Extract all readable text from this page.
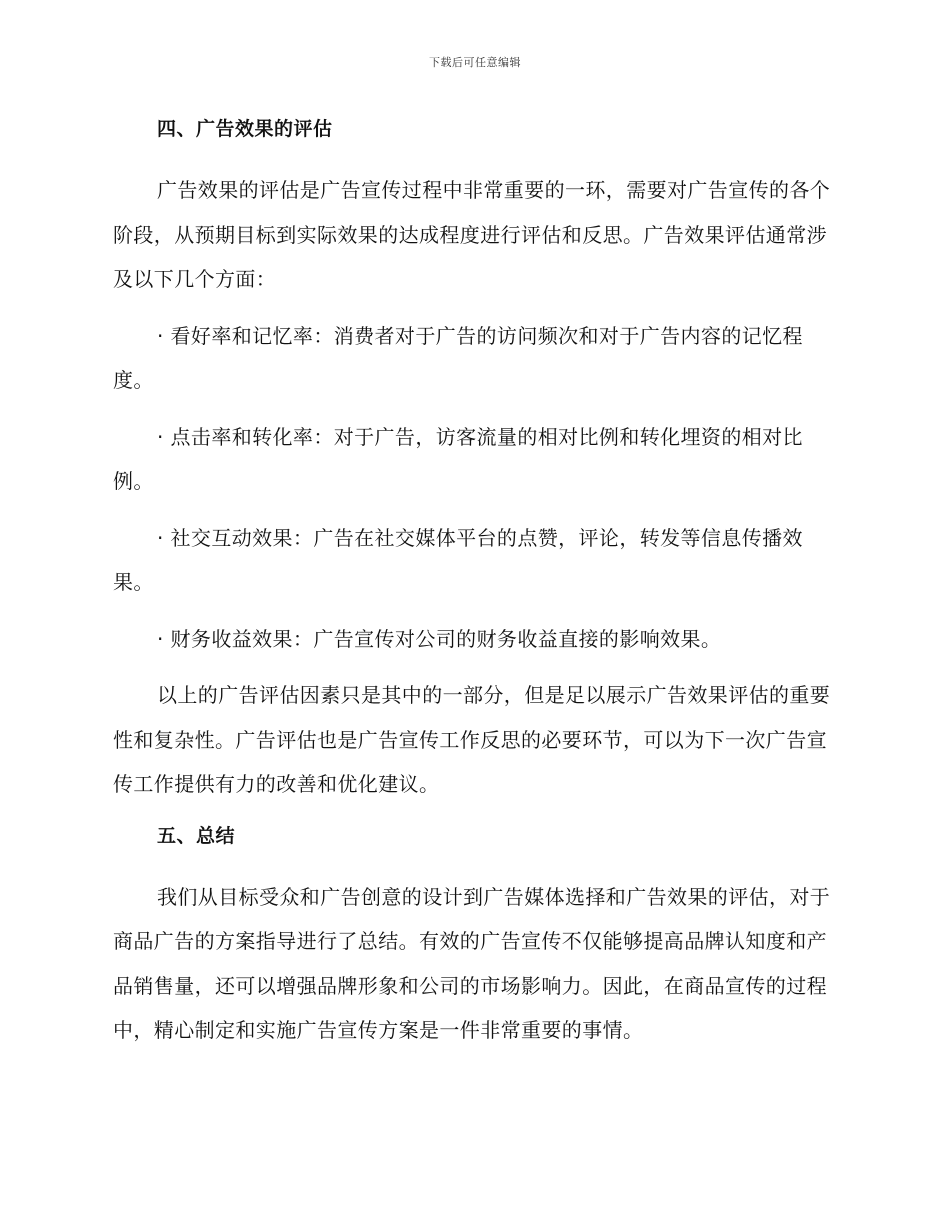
下载后可任意编辑
四、广告效果的评估

广告效果的评估是广告宣传过程中非常重要的一环，需要对广告宣传的各个阶段，从预期目标到实际效果的达成程度进行评估和反思。广告效果评估通常涉及以下几个方面：

· 看好率和记忆率：消费者对于广告的访问频次和对于广告内容的记忆程度。

· 点击率和转化率：对于广告，访客流量的相对比例和转化埋资的相对比例。

· 社交互动效果：广告在社交媒体平台的点赞，评论，转发等信息传播效果。

· 财务收益效果：广告宣传对公司的财务收益直接的影响效果。

以上的广告评估因素只是其中的一部分，但是足以展示广告效果评估的重要性和复杂性。广告评估也是广告宣传工作反思的必要环节，可以为下一次广告宣传工作提供有力的改善和优化建议。

五、总结

我们从目标受众和广告创意的设计到广告媒体选择和广告效果的评估，对于商品广告的方案指导进行了总结。有效的广告宣传不仅能够提高品牌认知度和产品销售量，还可以增强品牌形象和公司的市场影响力。因此，在商品宣传的过程中，精心制定和实施广告宣传方案是一件非常重要的事情。
